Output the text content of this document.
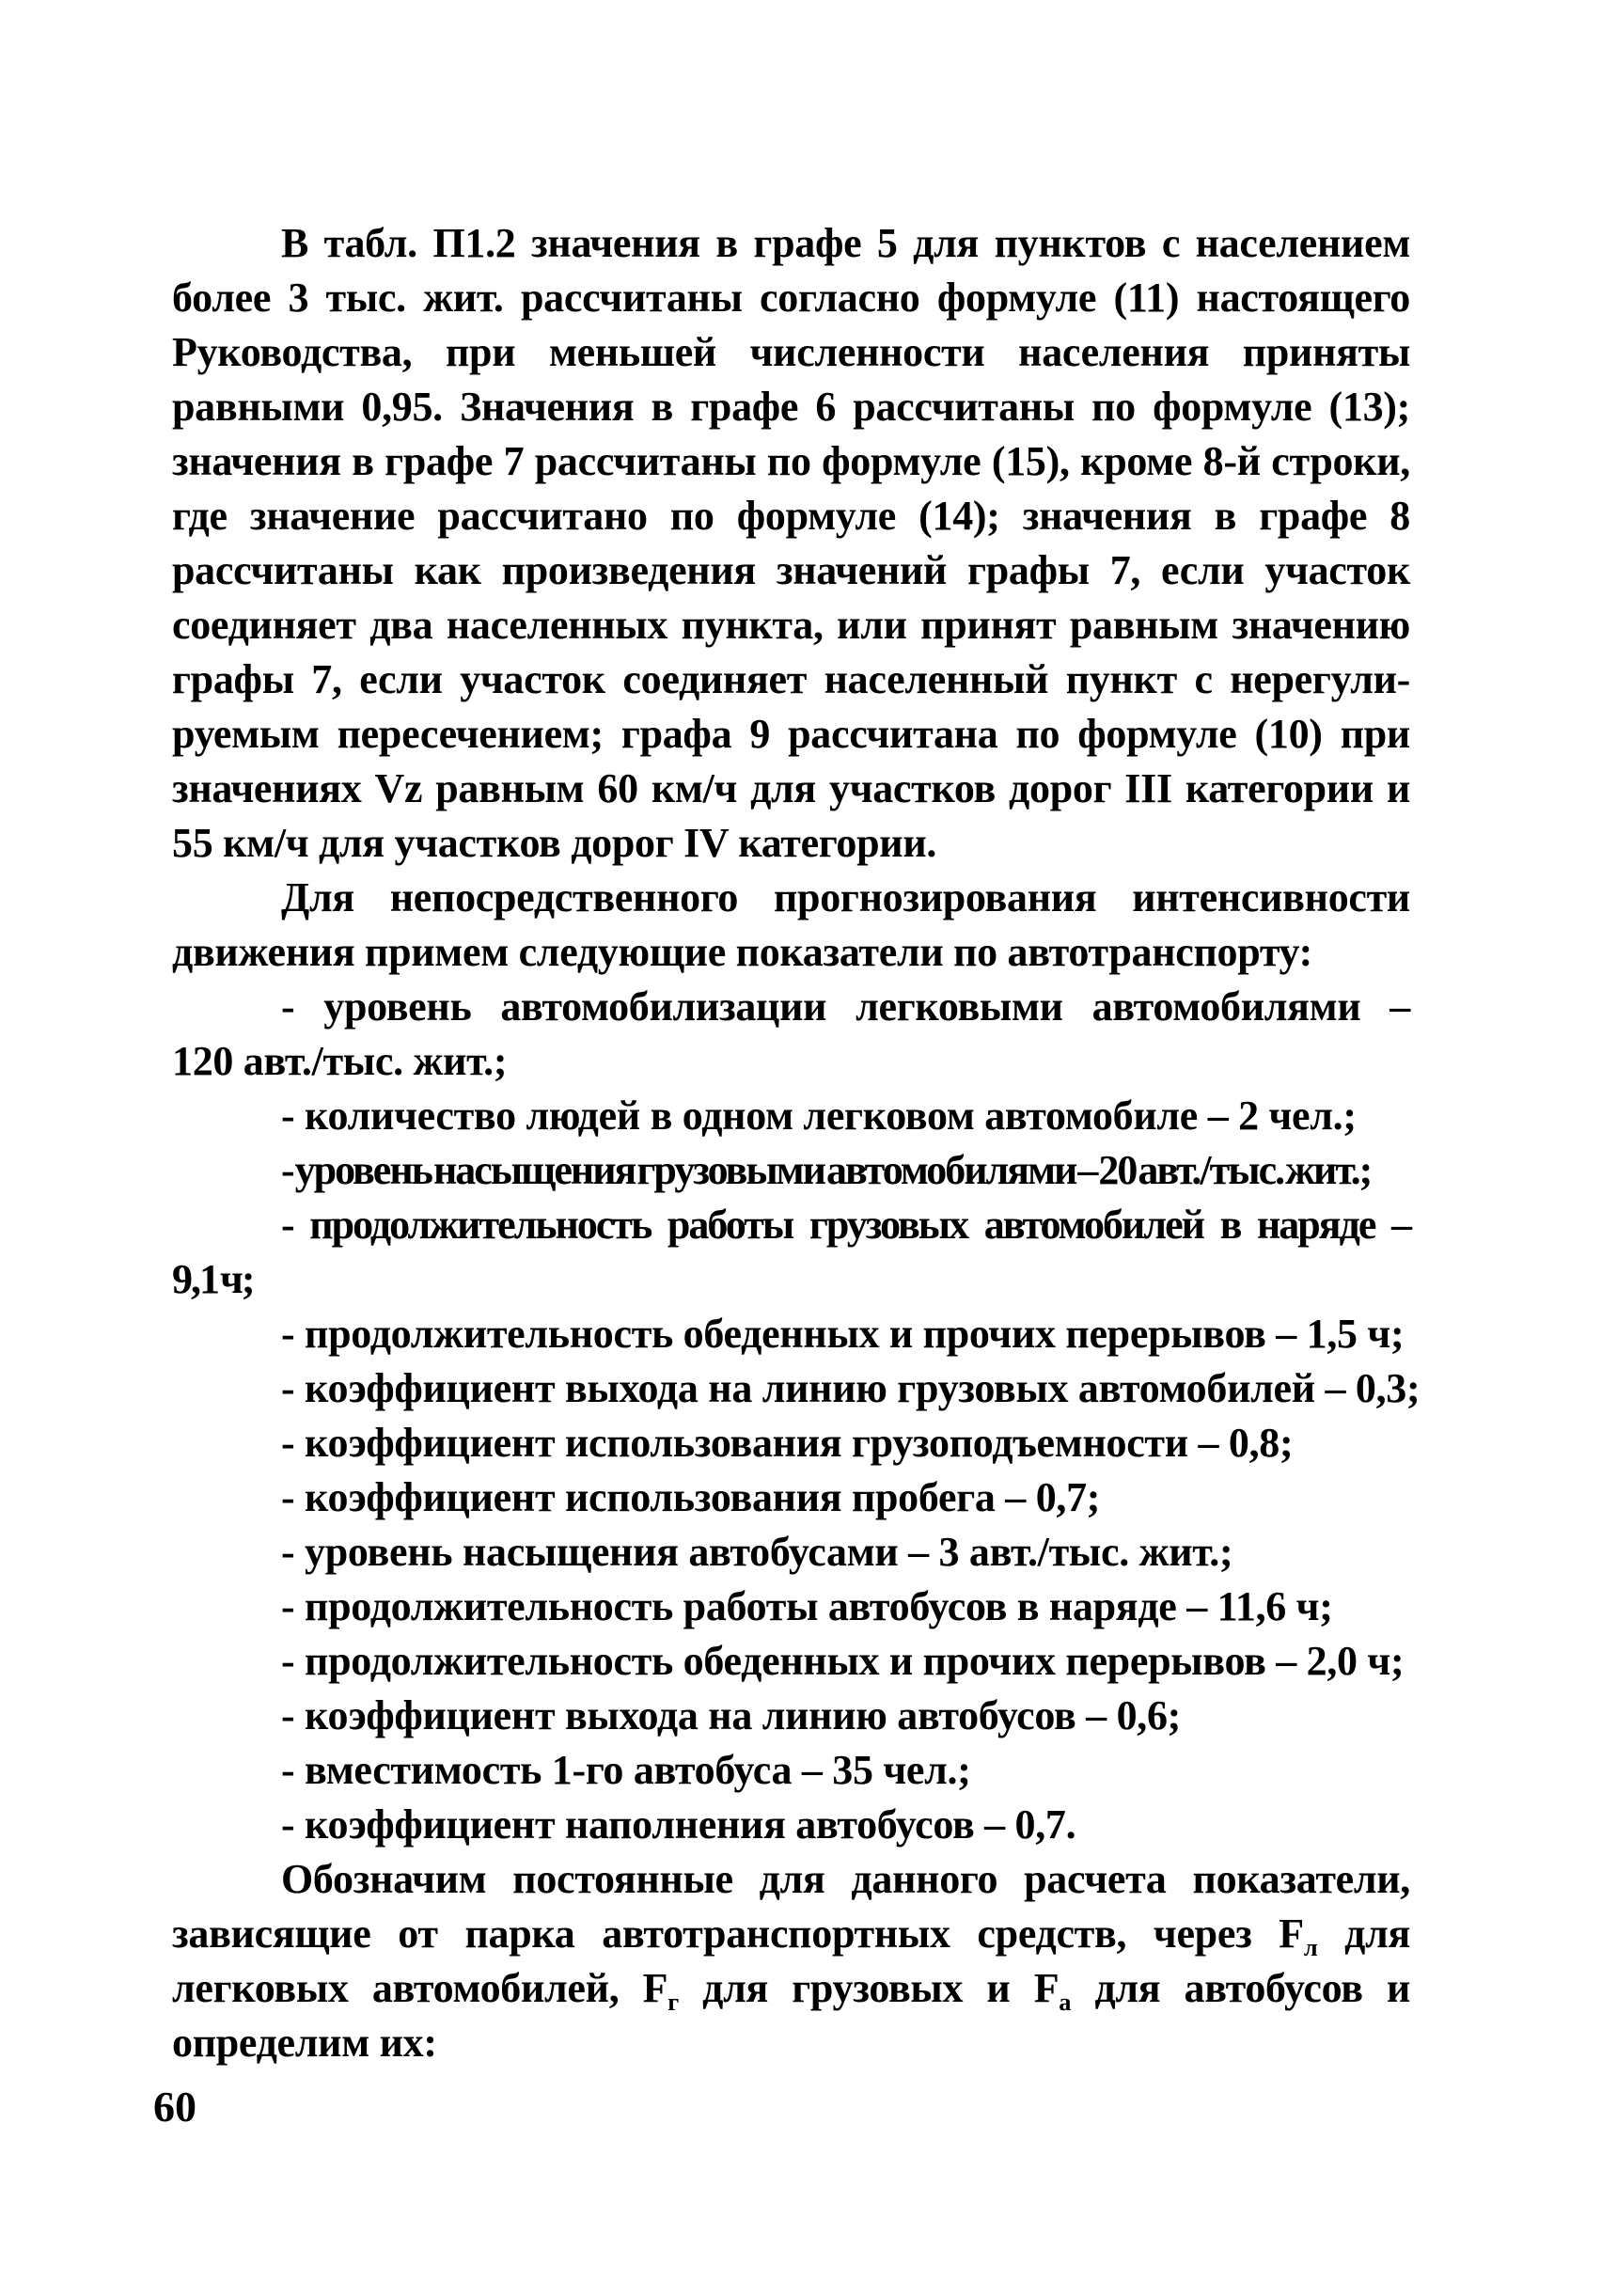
В табл. П1.2 значения в графе 5 для пунктов с населением
более 3 тыс. жит. рассчитаны согласно формуле (11) настоящего
Руководства, при меньшей численности населения приняты
равными 0,95. Значения в графе 6 рассчитаны по формуле (13);
значения в графе 7 рассчитаны по формуле (15), кроме 8-й строки,
где значение рассчитано по формуле (14); значения в графе 8
рассчитаны как произведения значений графы 7, если участок
соединяет два населенных пункта, или принят равным значению
графы 7, если участок соединяет населенный пункт с нерегули-
руемым пересечением; графа 9 рассчитана по формуле (10) при
значениях Vz равным 60 км/ч для участков дорог III категории и
55 км/ч для участков дорог IV категории.
Для непосредственного прогнозирования интенсивности
движения примем следующие показатели по автотранспорту:
- уровень автомобилизации легковыми автомобилями –
120 авт./тыс. жит.;
- количество людей в одном легковом автомобиле – 2 чел.;
- уровень насыщения грузовыми автомобилями – 20 авт./тыс. жит.;
- продолжительность работы грузовых автомобилей в наряде –
9,1 ч;
- продолжительность обеденных и прочих перерывов – 1,5 ч;
- коэффициент выхода на линию грузовых автомобилей – 0,3;
- коэффициент использования грузоподъемности – 0,8;
- коэффициент использования пробега – 0,7;
- уровень насыщения автобусами – 3 авт./тыс. жит.;
- продолжительность работы автобусов в наряде – 11,6 ч;
- продолжительность обеденных и прочих перерывов – 2,0 ч;
- коэффициент выхода на линию автобусов – 0,6;
- вместимость 1-го автобуса – 35 чел.;
- коэффициент наполнения автобусов – 0,7.
Обозначим постоянные для данного расчета показатели,
зависящие от парка автотранспортных средств, через $F_л$ для
легковых автомобилей, $F_г$ для грузовых и $F_а$ для автобусов и
определим их:
60
